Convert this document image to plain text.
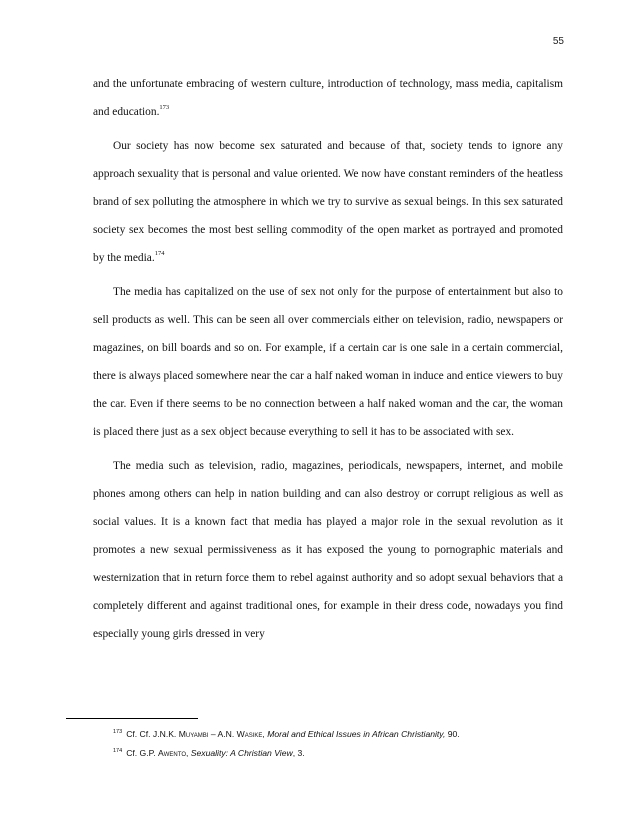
55

and the unfortunate embracing of western culture, introduction of technology, mass media, capitalism and education.$^{173}$

Our society has now become sex saturated and because of that, society tends to ignore any approach sexuality that is personal and value oriented. We now have constant reminders of the heatless brand of sex polluting the atmosphere in which we try to survive as sexual beings. In this sex saturated society sex becomes the most best selling commodity of the open market as portrayed and promoted by the media.$^{174}$

The media has capitalized on the use of sex not only for the purpose of entertainment but also to sell products as well. This can be seen all over commercials either on television, radio, newspapers or magazines, on bill boards and so on. For example, if a certain car is one sale in a certain commercial, there is always placed somewhere near the car a half naked woman in induce and entice viewers to buy the car. Even if there seems to be no connection between a half naked woman and the car, the woman is placed there just as a sex object because everything to sell it has to be associated with sex.

The media such as television, radio, magazines, periodicals, newspapers, internet, and mobile phones among others can help in nation building and can also destroy or corrupt religious as well as social values. It is a known fact that media has played a major role in the sexual revolution as it promotes a new sexual permissiveness as it has exposed the young to pornographic materials and westernization that in return force them to rebel against authority and so adopt sexual behaviors that a completely different and against traditional ones, for example in their dress code, nowadays you find especially young girls dressed in very

$^{173}$ Cf. Cf. J.N.K. Muyambi – A.N. Wasike, Moral and Ethical Issues in African Christianity, 90.
$^{174}$ Cf. G.P. Awento, Sexuality: A Christian View, 3.
